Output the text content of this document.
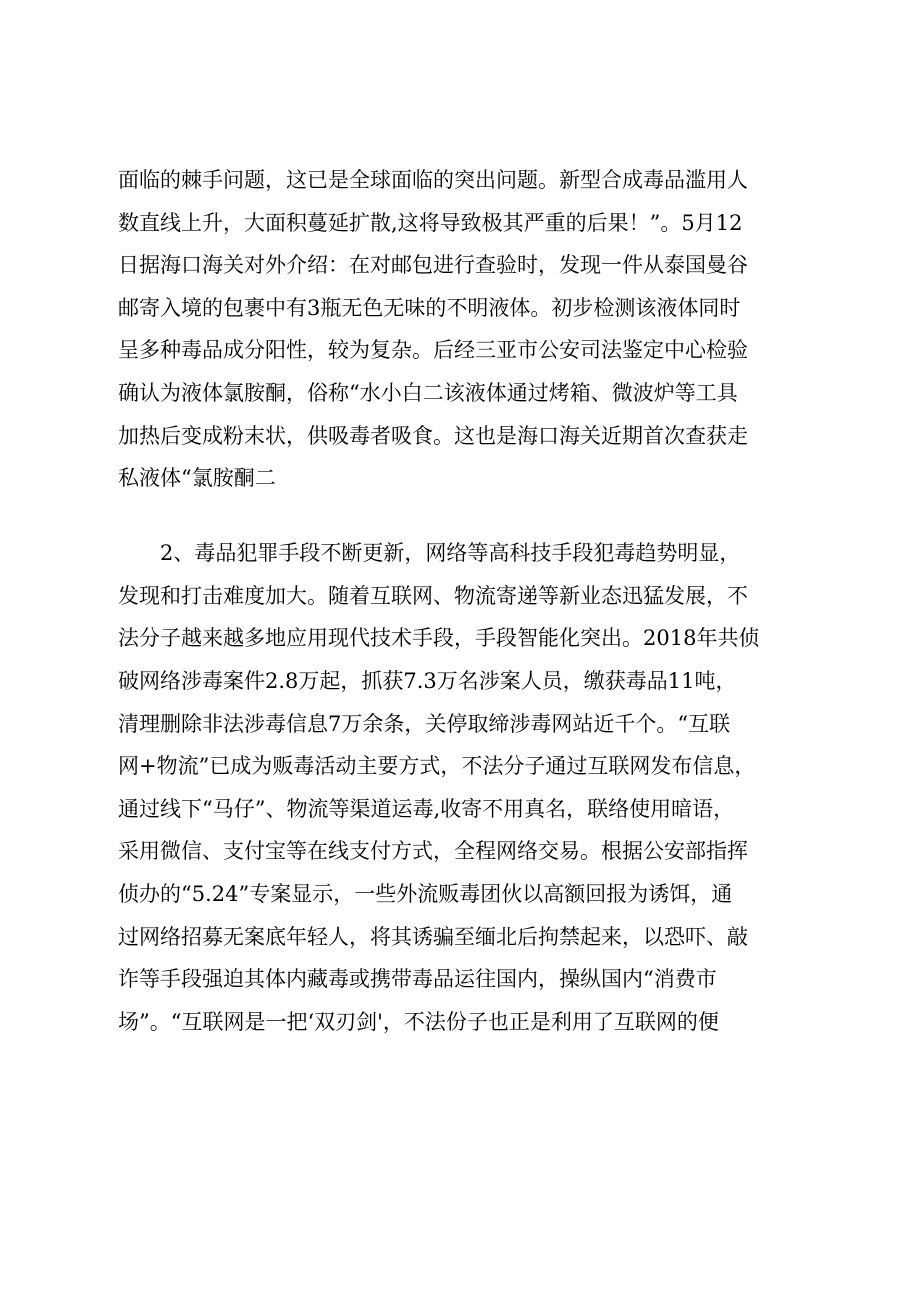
面临的棘手问题，这已是全球面临的突出问题。新型合成毒品滥用人
数直线上升，大面积蔓延扩散,这将导致极其严重的后果！”。5月12
日据海口海关对外介绍：在对邮包进行查验时，发现一件从泰国曼谷
邮寄入境的包裹中有3瓶无色无味的不明液体。初步检测该液体同时
呈多种毒品成分阳性，较为复杂。后经三亚市公安司法鉴定中心检验
确认为液体氯胺酮，俗称“水小白二该液体通过烤箱、微波炉等工具
加热后变成粉末状，供吸毒者吸食。这也是海口海关近期首次查获走
私液体“氯胺酮二
2、毒品犯罪手段不断更新，网络等高科技手段犯毒趋势明显，
发现和打击难度加大。随着互联网、物流寄递等新业态迅猛发展，不
法分子越来越多地应用现代技术手段，手段智能化突出。2018年共侦
破网络涉毒案件2.8万起，抓获7.3万名涉案人员，缴获毒品11吨，
清理删除非法涉毒信息7万余条，关停取缔涉毒网站近千个。“互联
网+物流”已成为贩毒活动主要方式，不法分子通过互联网发布信息，
通过线下“马仔”、物流等渠道运毒,收寄不用真名，联络使用暗语，
采用微信、支付宝等在线支付方式，全程网络交易。根据公安部指挥
侦办的“5.24”专案显示，一些外流贩毒团伙以高额回报为诱饵，通
过网络招募无案底年轻人，将其诱骗至缅北后拘禁起来，以恐吓、敲
诈等手段强迫其体内藏毒或携带毒品运往国内，操纵国内“消费市
场”。“互联网是一把‘双刃剑'，不法份子也正是利用了互联网的便
